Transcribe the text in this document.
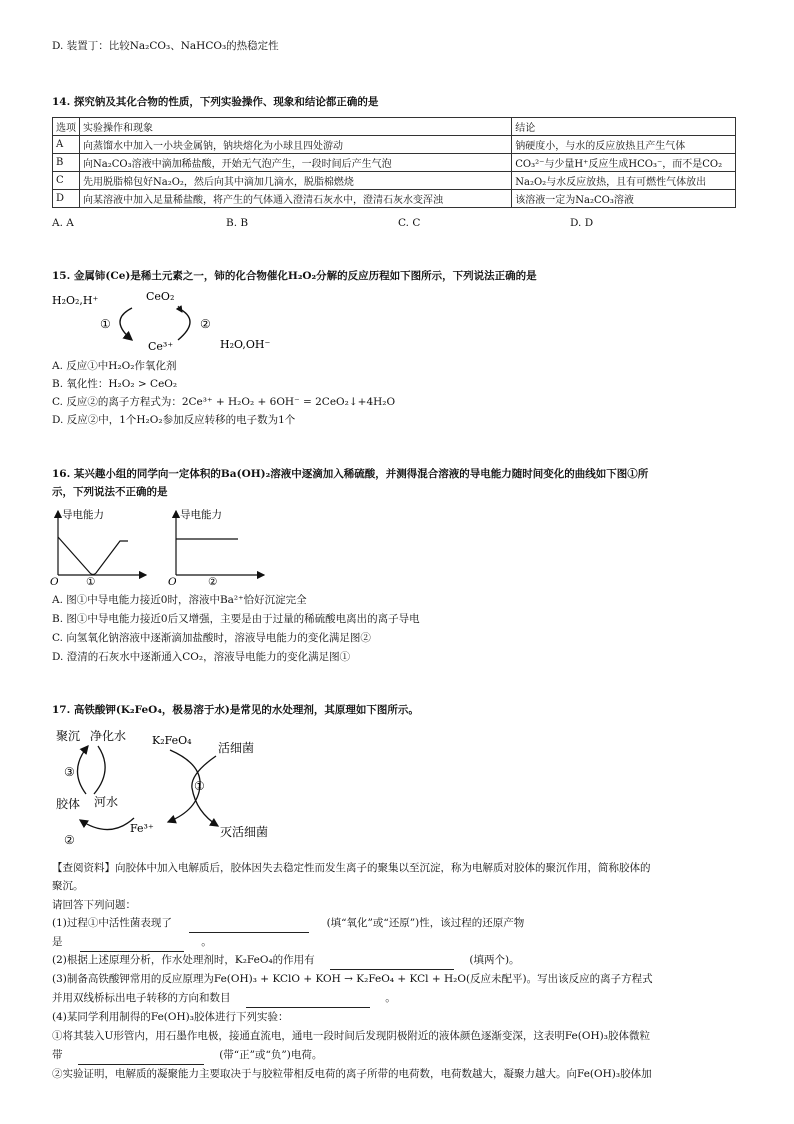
D. 装置丁：比较Na₂CO₃、NaHCO₃的热稳定性
14. 探究钠及其化合物的性质，下列实验操作、现象和结论都正确的是
选项	实验操作和现象	结论
A	向蒸馏水中加入一小块金属钠，钠块熔化为小球且四处游动	钠硬度小，与水的反应放热且产生气体
B	向Na₂CO₃溶液中滴加稀盐酸，开始无气泡产生，一段时间后产生气泡	CO₃²⁻与少量H⁺反应生成HCO₃⁻，而不是CO₂
C	先用脱脂棉包好Na₂O₂，然后向其中滴加几滴水，脱脂棉燃烧	Na₂O₂与水反应放热，且有可燃性气体放出
D	向某溶液中加入足量稀盐酸，将产生的气体通入澄清石灰水中，澄清石灰水变浑浊	该溶液一定为Na₂CO₃溶液
A. A	B. B	C. C	D. D
15. 金属铈(Ce)是稀土元素之一，铈的化合物催化H₂O₂分解的反应历程如下图所示，下列说法正确的是
H₂O₂,H⁺	CeO₂
①	②
Ce³⁺	H₂O,OH⁻
A. 反应①中H₂O₂作氧化剂
B. 氧化性：H₂O₂ > CeO₂
C. 反应②的离子方程式为：2Ce³⁺ + H₂O₂ + 6OH⁻ = 2CeO₂↓+4H₂O
D. 反应②中，1个H₂O₂参加反应转移的电子数为1个
16. 某兴趣小组的同学向一定体积的Ba(OH)₂溶液中逐滴加入稀硫酸，并测得混合溶液的导电能力随时间变化的曲线如下图①所
示，下列说法不正确的是
导电能力
O	①
导电能力
O	②
A. 图①中导电能力接近0时，溶液中Ba²⁺恰好沉淀完全
B. 图①中导电能力接近0后又增强，主要是由于过量的稀硫酸电离出的离子导电
C. 向氢氧化钠溶液中逐渐滴加盐酸时，溶液导电能力的变化满足图②
D. 澄清的石灰水中逐渐通入CO₂，溶液导电能力的变化满足图①
17. 高铁酸钾(K₂FeO₄，极易溶于水)是常见的水处理剂，其原理如下图所示。
聚沉 净化水
③
胶体 河水
②
K₂FeO₄
活细菌
①
Fe³⁺	灭活细菌
【查阅资料】向胶体中加入电解质后，胶体因失去稳定性而发生离子的聚集以至沉淀，称为电解质对胶体的聚沉作用，简称胶体的
聚沉。
请回答下列问题：
(1)过程①中活性菌表现了	(填“氧化”或“还原”)性，该过程的还原产物
是	。
(2)根据上述原理分析，作水处理剂时，K₂FeO₄的作用有	(填两个)。
(3)制备高铁酸钾常用的反应原理为Fe(OH)₃ + KClO + KOH → K₂FeO₄ + KCl + H₂O(反应未配平)。写出该反应的离子方程式
并用双线桥标出电子转移的方向和数目	。
(4)某同学利用制得的Fe(OH)₃胶体进行下列实验：
①将其装入U形管内，用石墨作电极，接通直流电，通电一段时间后发现阴极附近的液体颜色逐渐变深，这表明Fe(OH)₃胶体微粒
带	(带“正”或“负”)电荷。
②实验证明，电解质的凝聚能力主要取决于与胶粒带相反电荷的离子所带的电荷数，电荷数越大，凝聚力越大。向Fe(OH)₃胶体加
